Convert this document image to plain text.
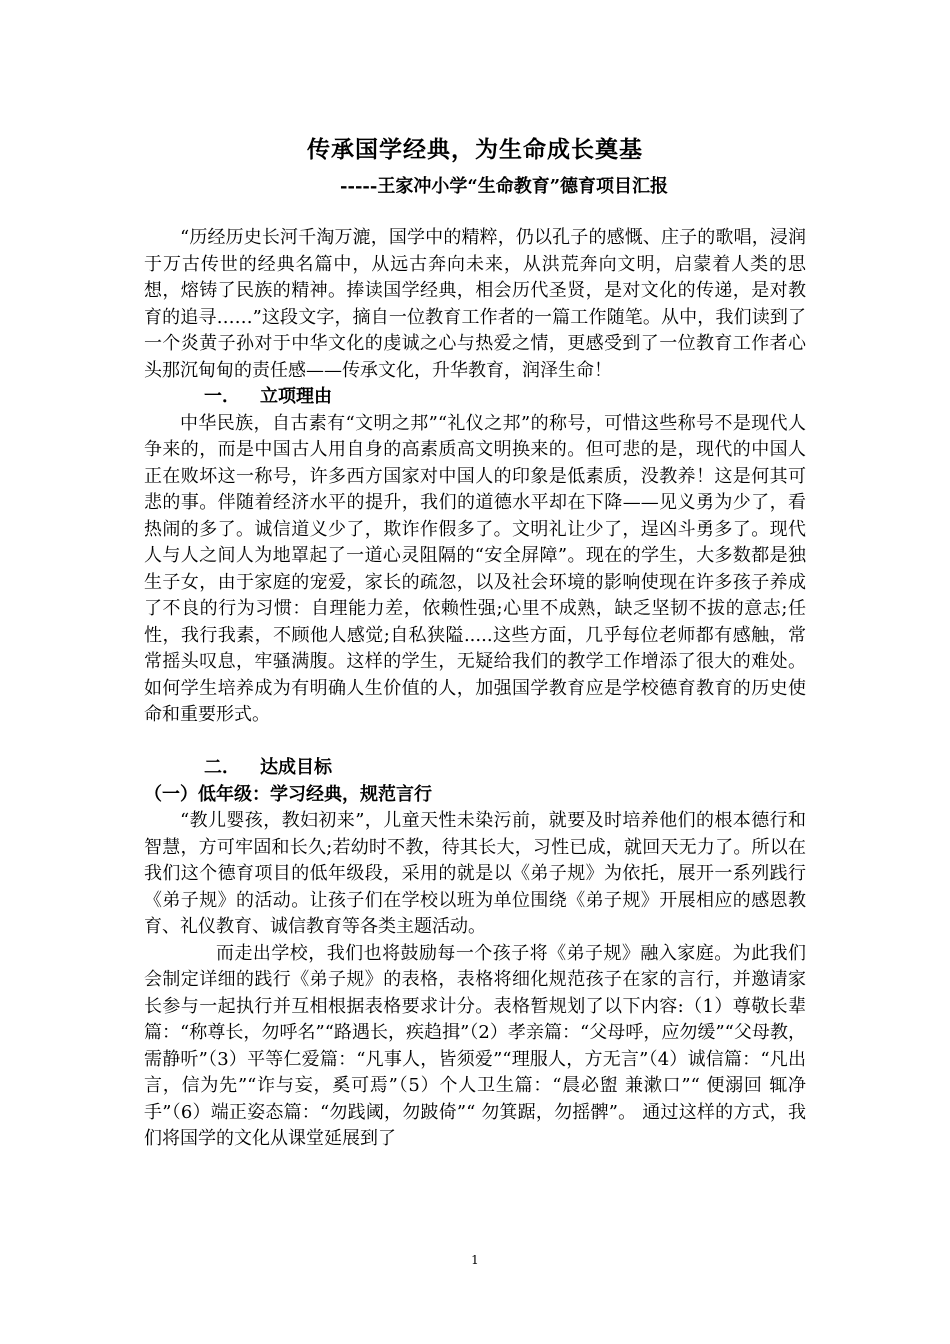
传承国学经典，为生命成长奠基
-----王家冲小学“生命教育”德育项目汇报

“历经历史长河千淘万漉，国学中的精粹，仍以孔子的感慨、庄子的歌唱，浸润于万古传世的经典名篇中，从远古奔向未来，从洪荒奔向文明，启蒙着人类的思想，熔铸了民族的精神。捧读国学经典，相会历代圣贤，是对文化的传递，是对教育的追寻……”这段文字，摘自一位教育工作者的一篇工作随笔。从中，我们读到了一个炎黄子孙对于中华文化的虔诚之心与热爱之情，更感受到了一位教育工作者心头那沉甸甸的责任感——传承文化，升华教育，润泽生命！

一． 立项理由

中华民族，自古素有“文明之邦”“礼仪之邦”的称号，可惜这些称号不是现代人争来的，而是中国古人用自身的高素质高文明换来的。但可悲的是，现代的中国人正在败坏这一称号，许多西方国家对中国人的印象是低素质，没教养！这是何其可悲的事。伴随着经济水平的提升，我们的道德水平却在下降——见义勇为少了，看热闹的多了。诚信道义少了，欺诈作假多了。文明礼让少了，逞凶斗勇多了。现代人与人之间人为地罩起了一道心灵阻隔的“安全屏障”。现在的学生，大多数都是独生子女，由于家庭的宠爱，家长的疏忽，以及社会环境的影响使现在许多孩子养成了不良的行为习惯：自理能力差，依赖性强;心里不成熟，缺乏坚韧不拔的意志;任性，我行我素，不顾他人感觉;自私狭隘.....这些方面，几乎每位老师都有感触，常常摇头叹息，牢骚满腹。这样的学生，无疑给我们的教学工作增添了很大的难处。如何学生培养成为有明确人生价值的人，加强国学教育应是学校德育教育的历史使命和重要形式。

二． 达成目标
（一）低年级：学习经典，规范言行

“教儿婴孩，教妇初来”，儿童天性未染污前，就要及时培养他们的根本德行和智慧，方可牢固和长久;若幼时不教，待其长大，习性已成，就回天无力了。所以在我们这个德育项目的低年级段，采用的就是以《弟子规》为依托，展开一系列践行《弟子规》的活动。让孩子们在学校以班为单位围绕《弟子规》开展相应的感恩教育、礼仪教育、诚信教育等各类主题活动。

而走出学校，我们也将鼓励每一个孩子将《弟子规》融入家庭。为此我们会制定详细的践行《弟子规》的表格，表格将细化规范孩子在家的言行，并邀请家长参与一起执行并互相根据表格要求计分。表格暂规划了以下内容:（1）尊敬长辈篇：“称尊长，勿呼名”“路遇长，疾趋揖”（2）孝亲篇：“父母呼，应勿缓”“父母教，需静听”（3）平等仁爱篇：“凡事人，皆须爱”“理服人，方无言”（4）诚信篇：“凡出言，信为先”“诈与妄，奚可焉”（5）个人卫生篇：“晨必盥 兼漱口”“ 便溺回 辄净手”（6）端正姿态篇：“勿践阈，勿跛倚”“ 勿箕踞，勿摇髀”。 通过这样的方式，我们将国学的文化从课堂延展到了

1
